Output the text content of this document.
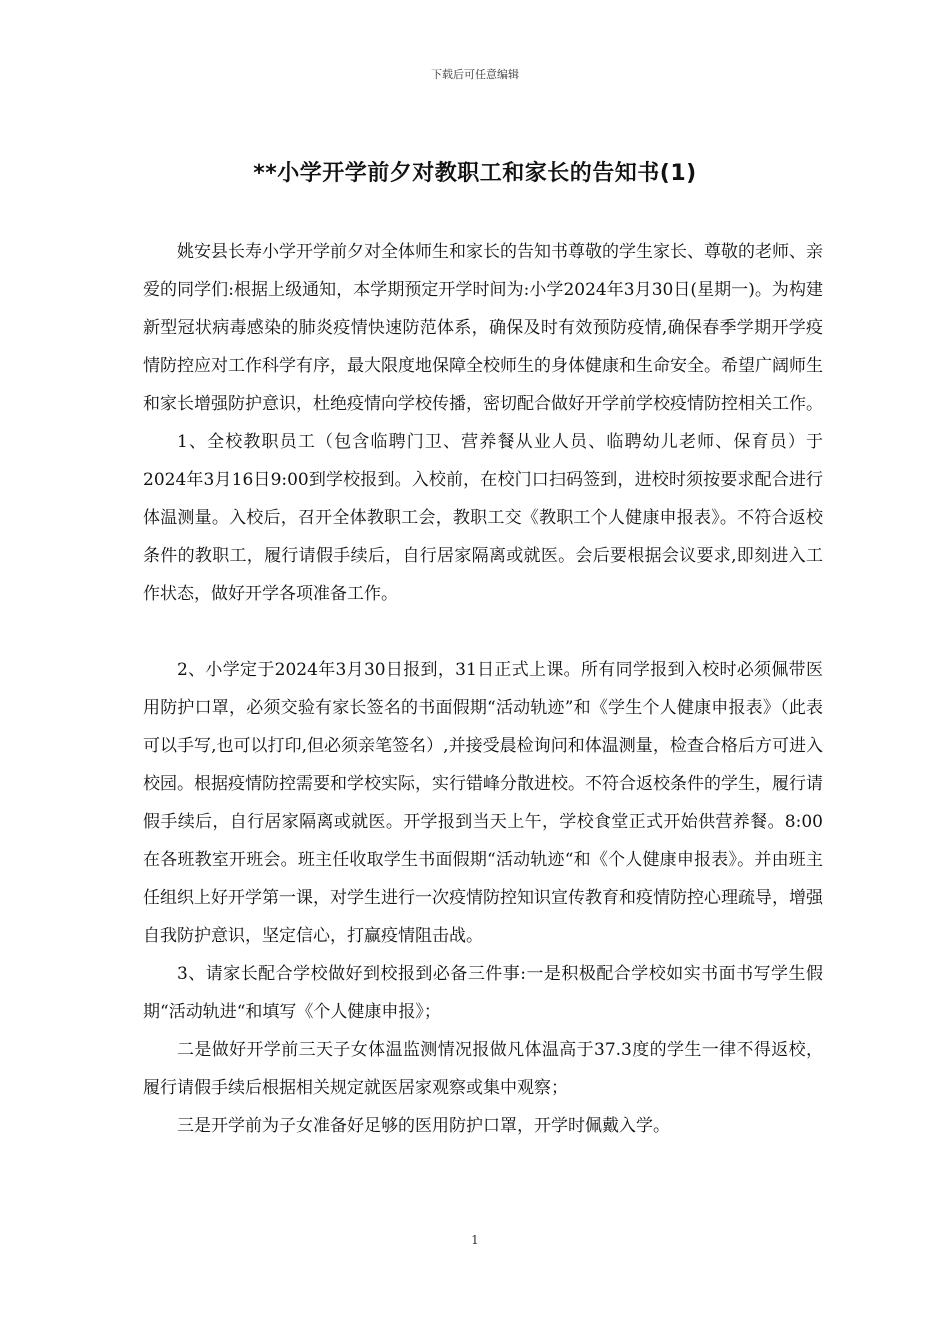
下载后可任意编辑
**小学开学前夕对教职工和家长的告知书(1)

姚安县长寿小学开学前夕对全体师生和家长的告知书尊敬的学生家长、尊敬的老师、亲爱的同学们:根据上级通知，本学期预定开学时间为:小学2024年3月30日(星期一)。为构建新型冠状病毒感染的肺炎疫情快速防范体系，确保及时有效预防疫情,确保春季学期开学疫情防控应对工作科学有序，最大限度地保障全校师生的身体健康和生命安全。希望广阔师生和家长增强防护意识，杜绝疫情向学校传播，密切配合做好开学前学校疫情防控相关工作。

1、全校教职员工（包含临聘门卫、营养餐从业人员、临聘幼儿老师、保育员）于2024年3月16日9:00到学校报到。入校前，在校门口扫码签到，进校时须按要求配合进行体温测量。入校后，召开全体教职工会，教职工交《教职工个人健康申报表》。不符合返校条件的教职工，履行请假手续后，自行居家隔离或就医。会后要根据会议要求,即刻进入工作状态，做好开学各项准备工作。

2、小学定于2024年3月30日报到，31日正式上课。所有同学报到入校时必须佩带医用防护口罩，必须交验有家长签名的书面假期“活动轨迹”和《学生个人健康申报表》（此表可以手写,也可以打印,但必须亲笔签名）,并接受晨检询问和体温测量，检查合格后方可进入校园。根据疫情防控需要和学校实际，实行错峰分散进校。不符合返校条件的学生，履行请假手续后，自行居家隔离或就医。开学报到当天上午，学校食堂正式开始供营养餐。8:00在各班教室开班会。班主任收取学生书面假期“活动轨迹“和《个人健康申报表》。并由班主任组织上好开学第一课，对学生进行一次疫情防控知识宣传教育和疫情防控心理疏导，增强自我防护意识，坚定信心，打赢疫情阻击战。

3、请家长配合学校做好到校报到必备三件事:一是积极配合学校如实书面书写学生假期“活动轨进“和填写《个人健康申报》；

二是做好开学前三天子女体温监测情况报做凡体温高于37.3度的学生一律不得返校，履行请假手续后根据相关规定就医居家观察或集中观察；

三是开学前为子女准备好足够的医用防护口罩，开学时佩戴入学。

1
